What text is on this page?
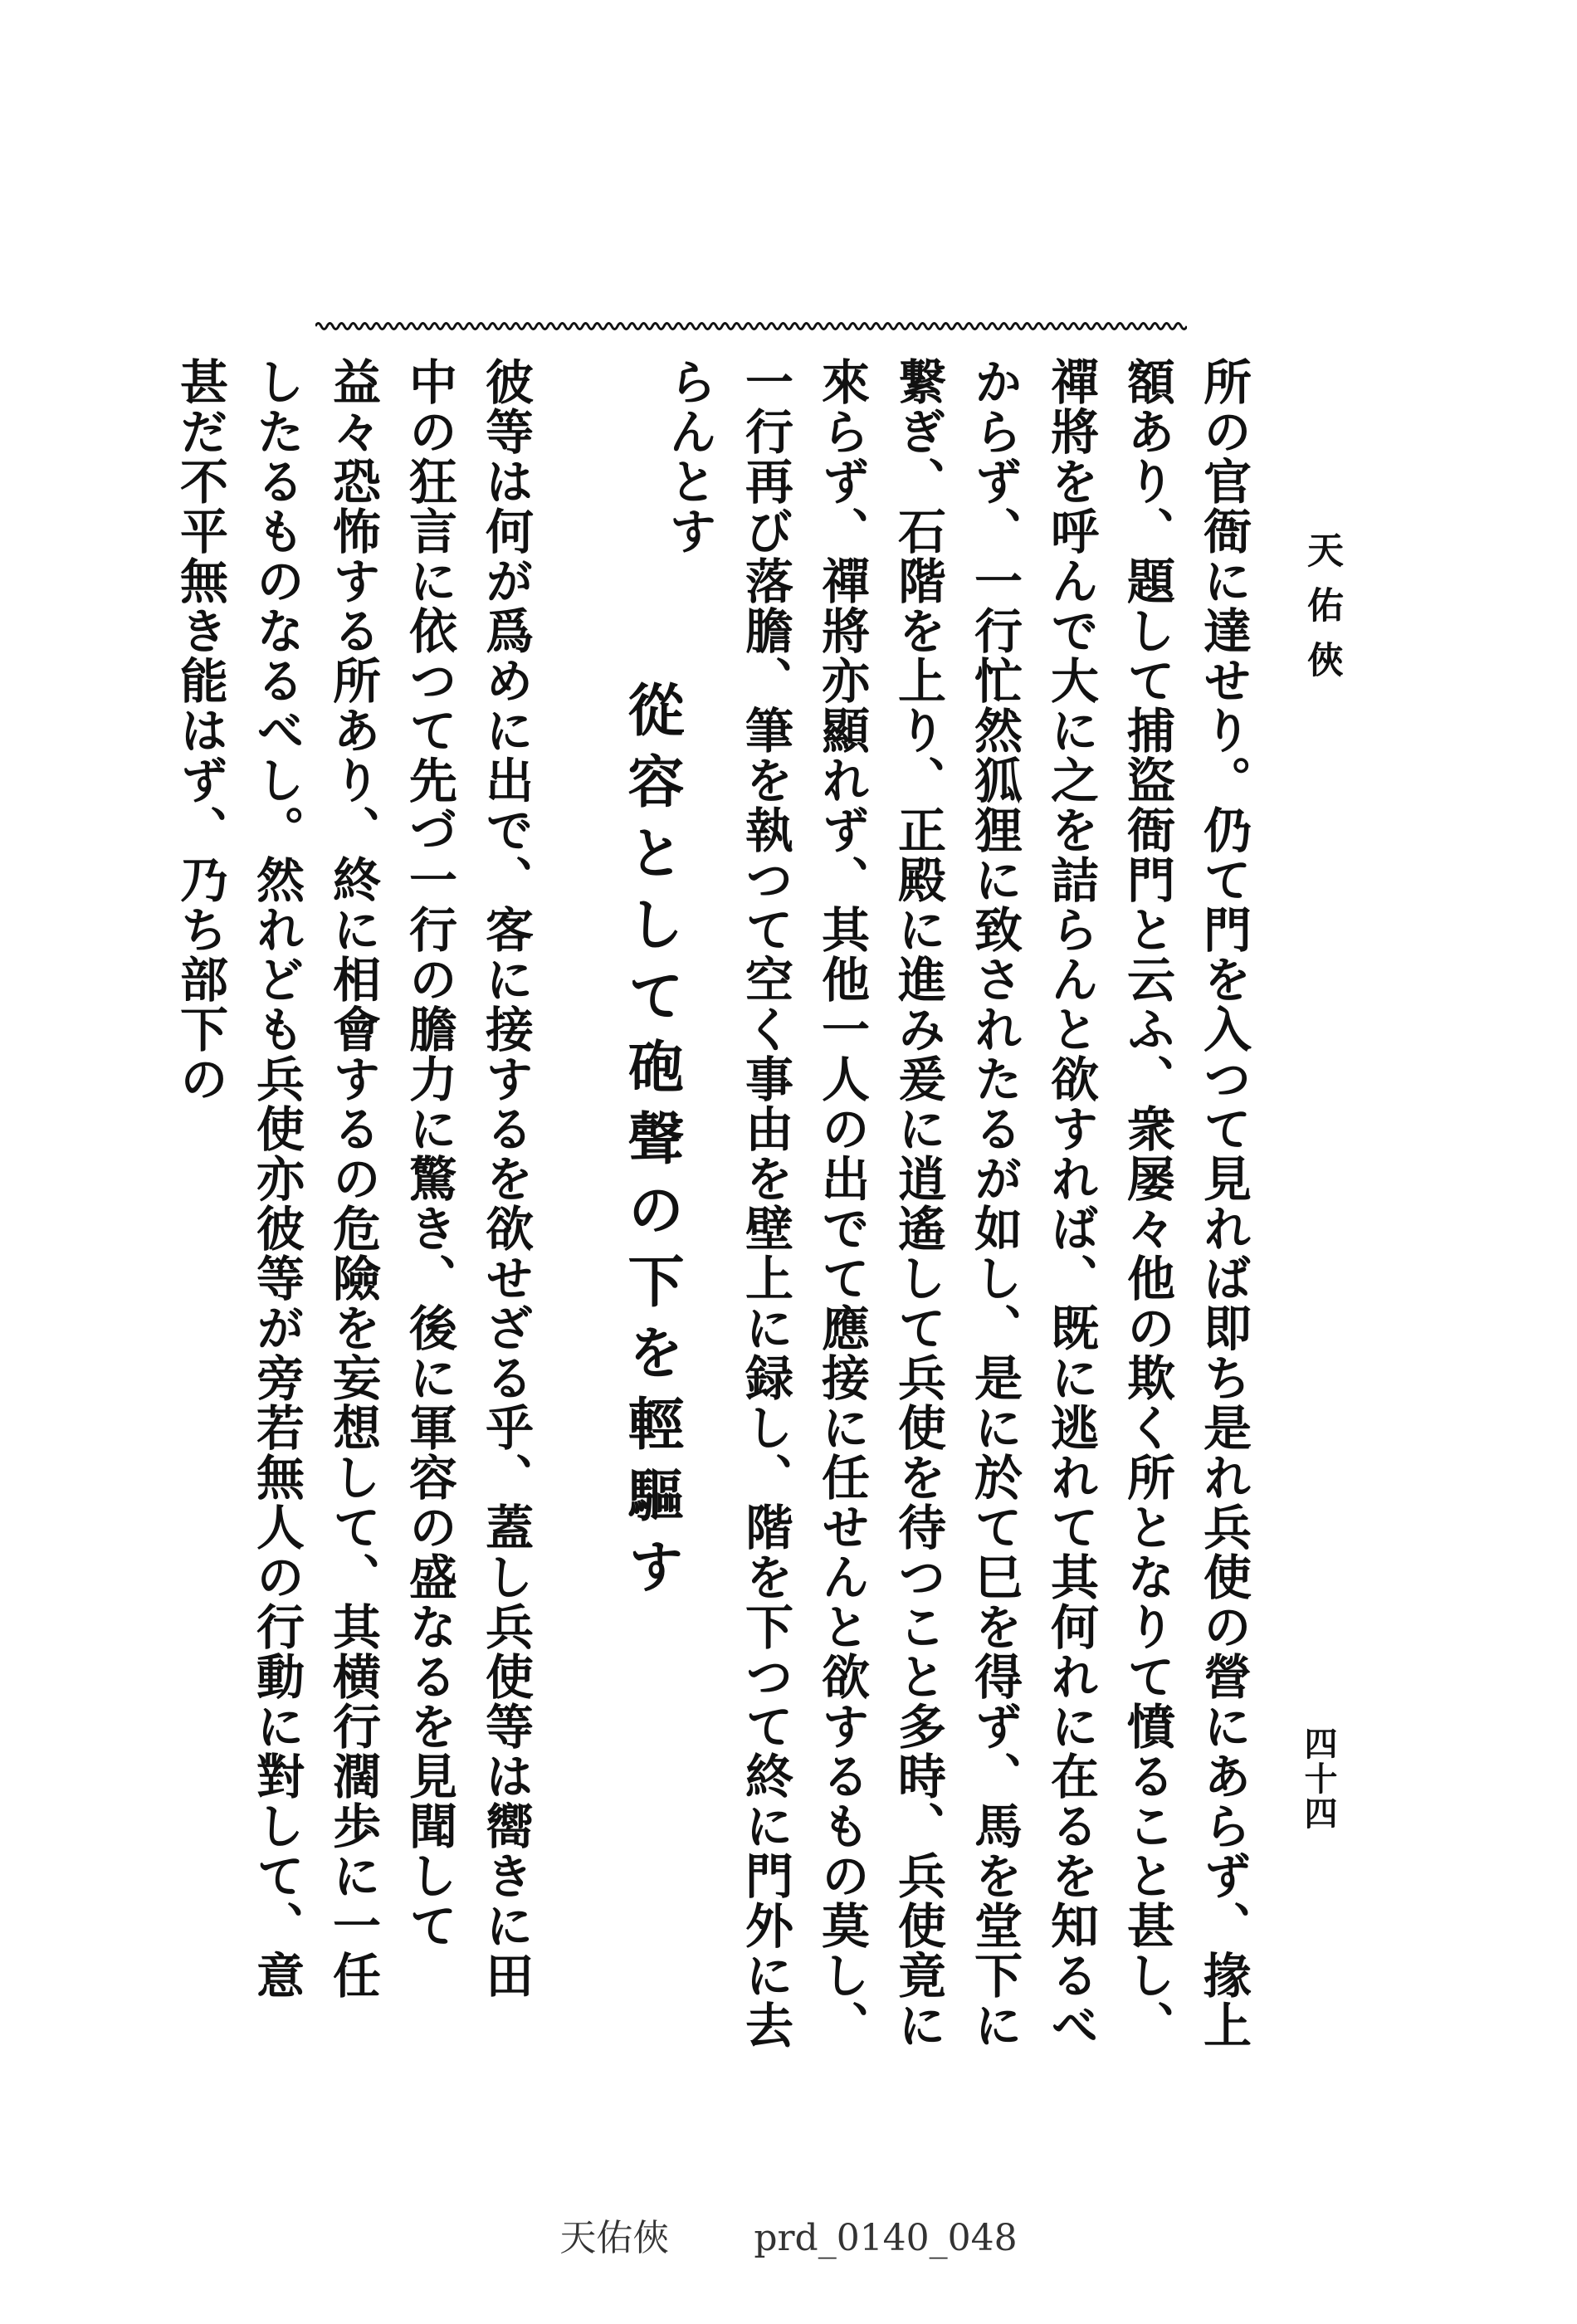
天佑俠
四十四
所の官衙に達せり。仍て門を入つて見れば即ち是れ兵使の營にあらず、掾上額あり、題して捕盜衙門と云ふ、衆屡々他の欺く所となりて憤ること甚し、禪將を呼んで大に之を詰らんと欲すれば、既に逃れて其何れに在るを知るべからず、一行忙然狐狸に致されたるが如し、是に於て巳を得ず、馬を堂下に繋ぎ、石階を上り、正殿に進み爰に逍遙して兵使を待つこと多時、兵使竟に來らず、禪將亦顯れず、其他一人の出でて應接に任せんと欲するもの莫し、一行再び落膽、筆を執つて空く事由を壁上に録し、階を下つて終に門外に去らんとす
從容として砲聲の下を輕驅す
彼等は何が爲めに出で、客に接するを欲せざる乎、蓋し兵使等は嚮きに田中の狂言に依つて先づ一行の膽力に驚き、後に軍容の盛なるを見聞して益々恐怖する所あり、終に相會するの危險を妄想して、其横行濶歩に一任したるものなるべし。然れども兵使亦彼等が旁若無人の行動に對して、意甚だ不平無き能はず、乃ち部下の
天佑俠 prd_0140_048
